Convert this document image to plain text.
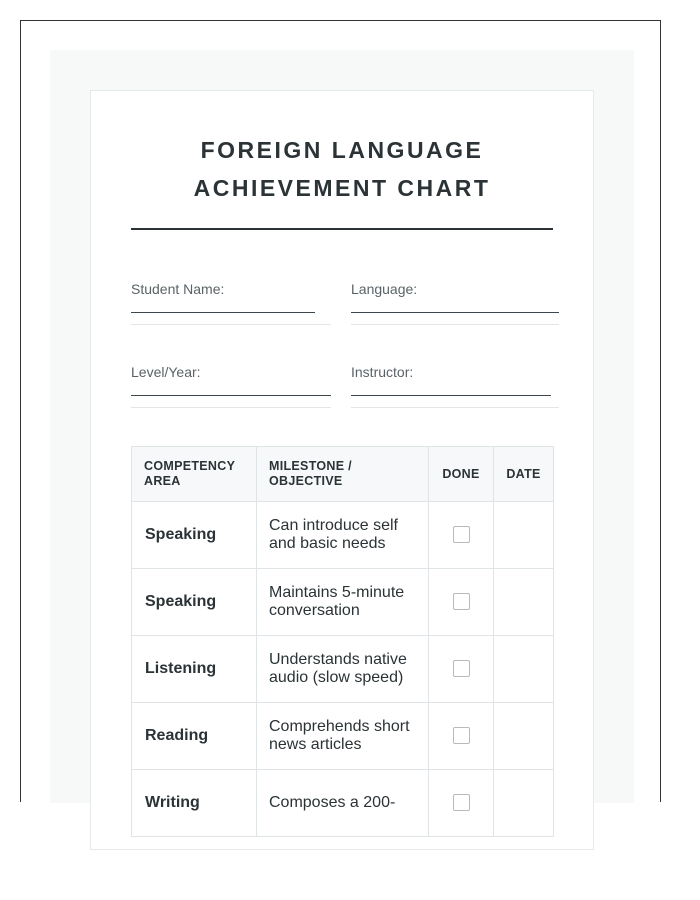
FOREIGN LANGUAGE
ACHIEVEMENT CHART
Student Name:	Language:
Level/Year:	Instructor:
COMPETENCY AREA	MILESTONE / OBJECTIVE	DONE	DATE
Speaking	Can introduce self and basic needs		
Speaking	Maintains 5-minute conversation		
Listening	Understands native audio (slow speed)		
Reading	Comprehends short news articles		
Writing	Composes a 200-		
